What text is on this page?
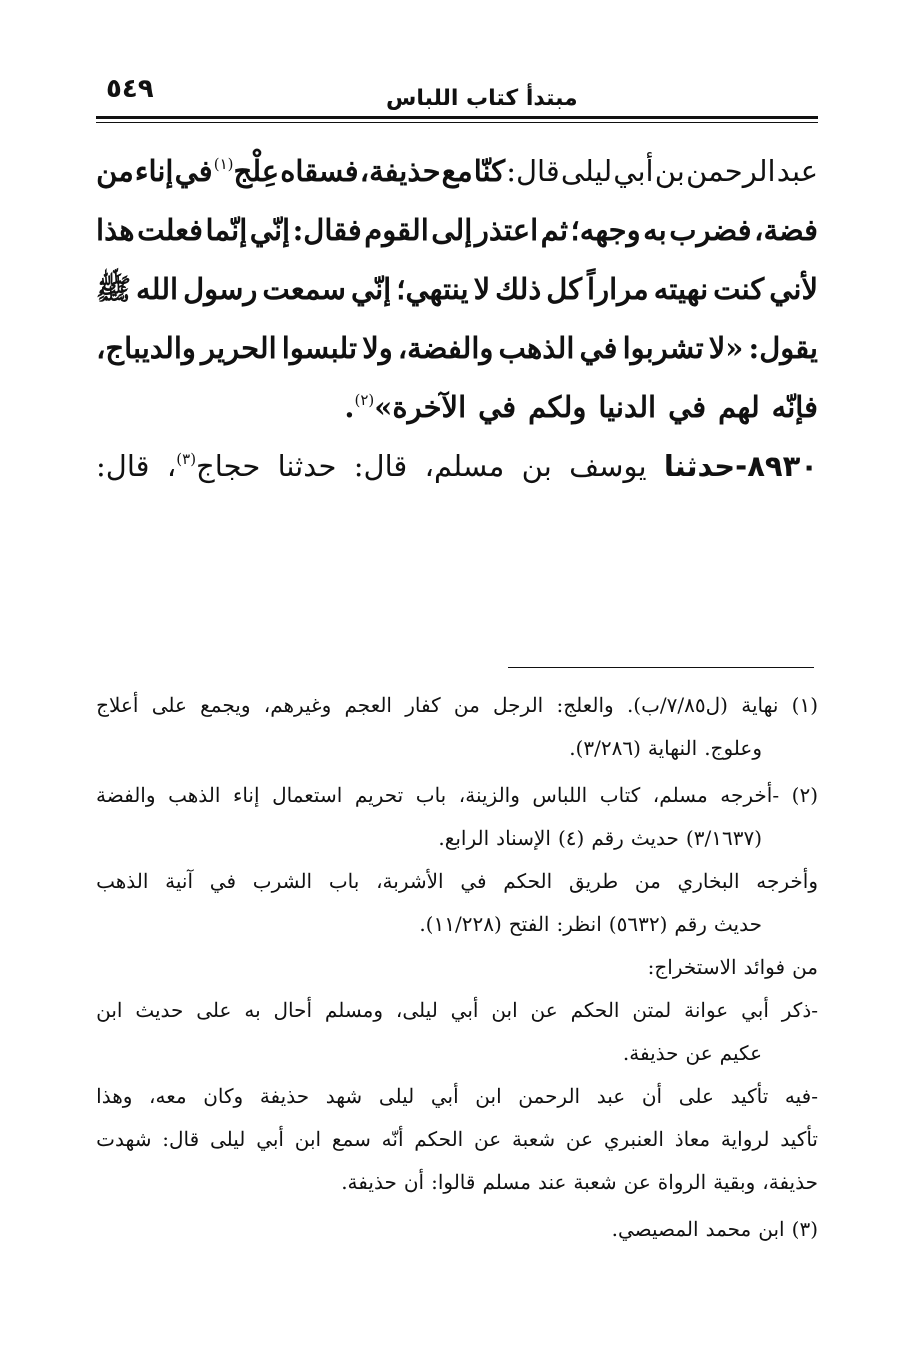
مبتدأ كتاب اللباس
٥٤٩
عبد
الرحمن
بن
أبي
ليلى
قال:
كنّا
مع
حذيفة،
فسقاه
عِلْج$^{(١)}$
في
إناء
من
فضة،
فضرب
به
وجهه؛
ثم
اعتذر
إلى
القوم
فقال:
إنّي
إنّما
فعلت
هذا
لأني
كنت
نهيته
مراراً
كل
ذلك
لا
ينتهي؛
إنّي
سمعت
رسول
الله
ﷺ
يقول:
«لا
تشربوا
في
الذهب
والفضة،
ولا
تلبسوا
الحرير
والديباج،
فإنّه
لهم
في
الدنيا
ولكم
في
الآخرة»$^{(٢)}$.
٨٩٣٠-حدثنا
يوسف
بن
مسلم،
قال:
حدثنا
حجاج$^{(٣)}$،
قال:
(١)
نهاية
(ل٧/٨٥/ب).
والعلج:
الرجل
من
كفار
العجم
وغيرهم،
ويجمع
على
أعلاج
وعلوج.
النهاية
(٣/٢٨٦).
(٢)
-أخرجه
مسلم،
كتاب
اللباس
والزينة،
باب
تحريم
استعمال
إناء
الذهب
والفضة
(٣/١٦٣٧)
حديث
رقم
(٤)
الإسناد
الرابع.
وأخرجه
البخاري
من
طريق
الحكم
في
الأشربة،
باب
الشرب
في
آنية
الذهب
حديث
رقم
(٥٦٣٢)
انظر:
الفتح
(١١/٢٢٨).
من
فوائد
الاستخراج:
-ذكر
أبي
عوانة
لمتن
الحكم
عن
ابن
أبي
ليلى،
ومسلم
أحال
به
على
حديث
ابن
عكيم
عن
حذيفة.
-فيه
تأكيد
على
أن
عبد
الرحمن
ابن
أبي
ليلى
شهد
حذيفة
وكان
معه،
وهذا
تأكيد
لرواية
معاذ
العنبري
عن
شعبة
عن
الحكم
أنّه
سمع
ابن
أبي
ليلى
قال:
شهدت
حذيفة،
وبقية
الرواة
عن
شعبة
عند
مسلم
قالوا:
أن
حذيفة.
(٣)
ابن
محمد
المصيصي.
